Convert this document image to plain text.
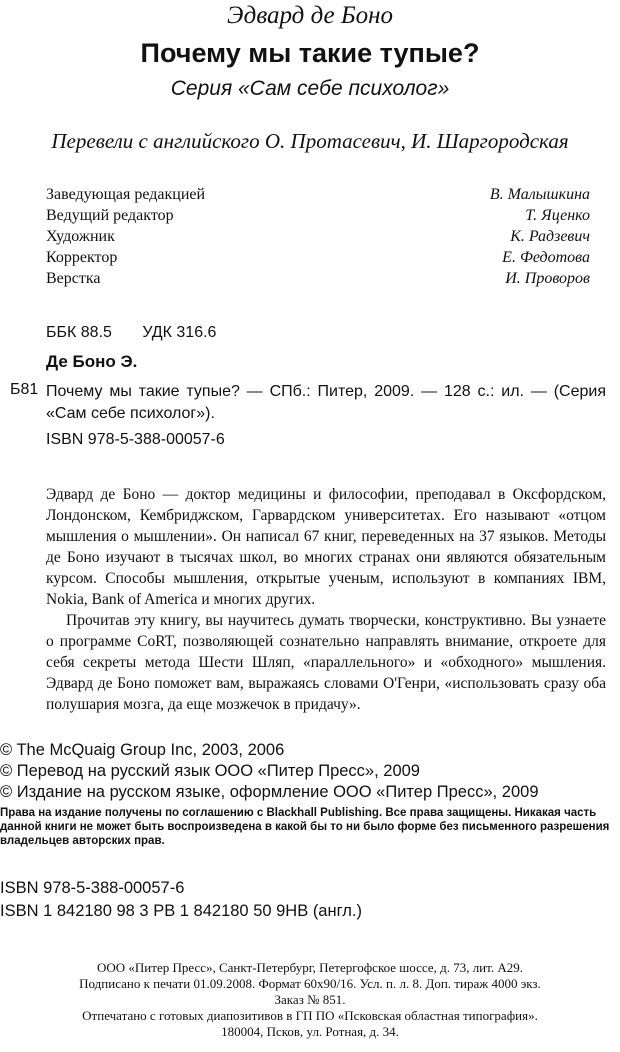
Эдвард де Боно
Почему мы такие тупые?
Серия «Сам себе психолог»
Перевели с английского О. Протасевич, И. Шаргородская
Заведующая редакцией	В. Малышкина
Ведущий редактор	Т. Яценко
Художник	К. Радзевич
Корректор	Е. Федотова
Верстка	И. Проворов
ББК 88.5 УДК 316.6
Де Боно Э.
Б81 Почему мы такие тупые? — СПб.: Питер, 2009. — 128 с.: ил. — (Серия «Сам себе психолог»).
ISBN 978-5-388-00057-6

Эдвард де Боно — доктор медицины и философии, преподавал в Оксфордском, Лондонском, Кембриджском, Гарвардском университетах. Его называют «отцом мышления о мышлении». Он написал 67 книг, переведенных на 37 языков. Методы де Боно изучают в тысячах школ, во многих странах они являются обязательным курсом. Способы мышления, открытые ученым, используют в компаниях IBM, Nokia, Bank of America и многих других.

Прочитав эту книгу, вы научитесь думать творчески, конструктивно. Вы узнаете о программе CoRT, позволяющей сознательно направлять внимание, откроете для себя секреты метода Шести Шляп, «параллельного» и «обходного» мышления. Эдвард де Боно поможет вам, выражаясь словами О'Генри, «использовать сразу оба полушария мозга, да еще мозжечок в придачу».

© The McQuaig Group Inc, 2003, 2006
© Перевод на русский язык ООО «Питер Пресс», 2009
© Издание на русском языке, оформление ООО «Питер Пресс», 2009
Права на издание получены по соглашению с Blackhall Publishing. Все права защищены. Никакая часть данной книги не может быть воспроизведена в какой бы то ни было форме без письменного разрешения владельцев авторских прав.
ISBN 978-5-388-00057-6
ISBN 1 842180 98 3 PB 1 842180 50 9HB (англ.)
ООО «Питер Пресс», Санкт-Петербург, Петергофское шоссе, д. 73, лит. А29.
Подписано к печати 01.09.2008. Формат 60х90/16. Усл. п. л. 8. Доп. тираж 4000 экз.
Заказ № 851.
Отпечатано с готовых диапозитивов в ГП ПО «Псковская областная типография».
180004, Псков, ул. Ротная, д. 34.
